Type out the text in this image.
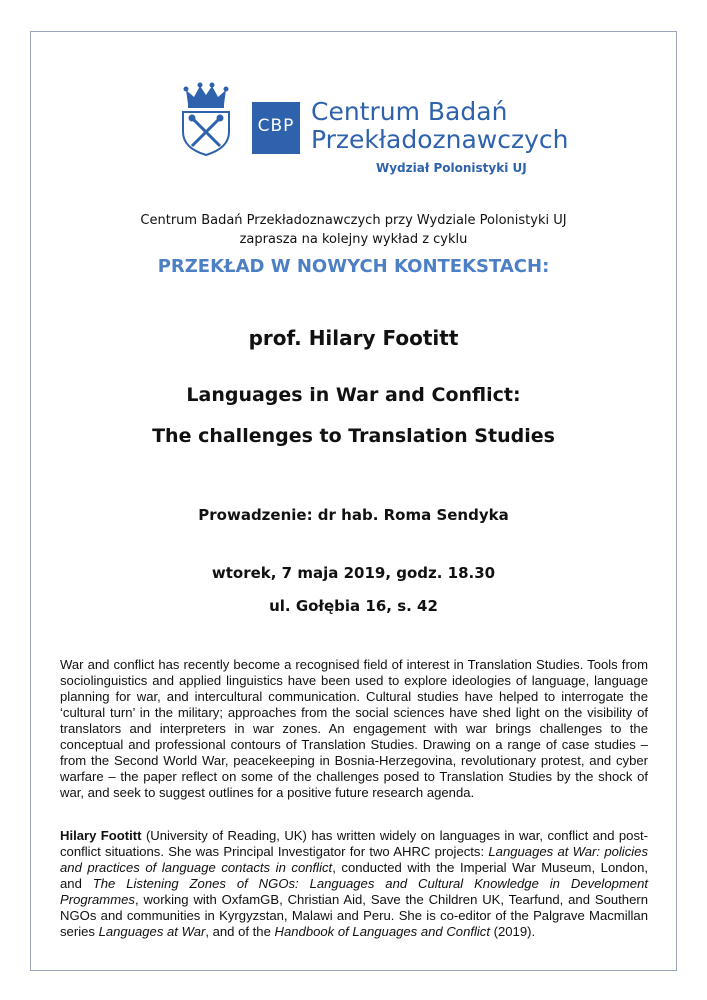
CBP Centrum Badań
Przekładoznawczych
Wydział Polonistyki UJ
Centrum Badań Przekładoznawczych przy Wydziale Polonistyki UJ
zaprasza na kolejny wykład z cyklu
PRZEKŁAD W NOWYCH KONTEKSTACH:
prof. Hilary Footitt
Languages in War and Conflict:
The challenges to Translation Studies
Prowadzenie: dr hab. Roma Sendyka
wtorek, 7 maja 2019, godz. 18.30
ul. Gołębia 16, s. 42
War and conflict has recently become a recognised field of interest in Translation Studies. Tools from sociolinguistics and applied linguistics have been used to explore ideologies of language, language planning for war, and intercultural communication. Cultural studies have helped to interrogate the ‘cultural turn’ in the military; approaches from the social sciences have shed light on the visibility of translators and interpreters in war zones. An engagement with war brings challenges to the conceptual and professional contours of Translation Studies. Drawing on a range of case studies – from the Second World War, peacekeeping in Bosnia-Herzegovina, revolutionary protest, and cyber warfare – the paper reflect on some of the challenges posed to Translation Studies by the shock of war, and seek to suggest outlines for a positive future research agenda.
Hilary Footitt (University of Reading, UK) has written widely on languages in war, conflict and post-conflict situations. She was Principal Investigator for two AHRC projects: Languages at War: policies and practices of language contacts in conflict, conducted with the Imperial War Museum, London, and The Listening Zones of NGOs: Languages and Cultural Knowledge in Development Programmes, working with OxfamGB, Christian Aid, Save the Children UK, Tearfund, and Southern NGOs and communities in Kyrgyzstan, Malawi and Peru. She is co-editor of the Palgrave Macmillan series Languages at War, and of the Handbook of Languages and Conflict (2019).
